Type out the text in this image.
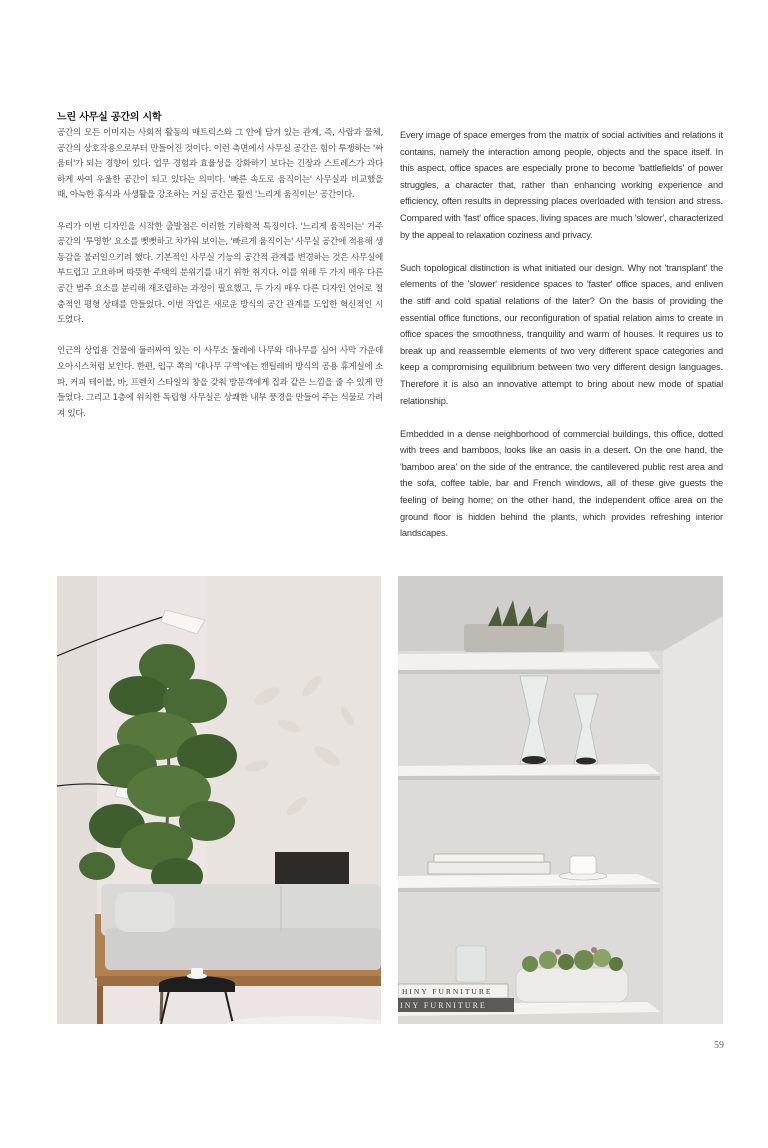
느린 사무실 공간의 시학

공간의 모든 이미지는 사회적 활동의 매트릭스와 그 안에 담겨 있는 관계, 즉, 사람과 물체, 공간의 상호작용으로부터 만들어진 것이다. 이런 측면에서 사무실 공간은 힘이 투쟁하는 '싸움터'가 되는 경향이 있다. 업무 경험과 효율성을 강화하기 보다는 긴장과 스트레스가 과다하게 싸여 우울한 공간이 되고 있다는 의미다. '빠른 속도로 움직이는' 사무실과 비교했을 때, 아늑한 휴식과 사생활을 강조하는 거실 공간은 훨씬 '느리게 움직이는' 공간이다.

우리가 이번 디자인을 시작한 출발점은 이러한 기하학적 특징이다. '느리게 움직이는' 거주 공간의 '투명한' 요소를 뻣뻣하고 차가워 보이는, '빠르게 움직이는' 사무실 공간에 적용해 생동감을 불러일으키려 했다. 기본적인 사무실 기능의 공간적 관계를 변경하는 것은 사무실에 부드럽고 고요하며 따뜻한 주택의 분위기를 내기 위한 취지다. 이를 위해 두 가지 매우 다른 공간 범주 요소를 분리해 재조립하는 과정이 필요했고, 두 가지 매우 다른 디자인 언어로 절충적인 평형 상태를 만들었다. 이번 작업은 새로운 방식의 공간 관계를 도입한 혁신적인 시도였다.

인근의 상업용 건물에 둘러싸여 있는 이 사무소 둘레에 나무와 대나무를 심어 사막 가운데 오아시스처럼 보인다. 한편, 입구 쪽의 '대나무 구역'에는 캔틸레버 방식의 공용 휴게실에 소파, 커피 테이블, 바, 프렌치 스타일의 창을 갖춰 방문객에게 집과 같은 느낌을 줄 수 있게 만들었다. 그리고 1층에 위치한 독립형 사무실은 상쾌한 내부 풍경을 만들어 주는 식물로 가려져 있다.

Every image of space emerges from the matrix of social activities and relations it contains, namely the interaction among people, objects and the space itself. In this aspect, office spaces are especially prone to become 'battlefields' of power struggles, a character that, rather than enhancing working experience and efficiency, often results in depressing places overloaded with tension and stress. Compared with 'fast' office spaces, living spaces are much 'slower', characterized by the appeal to relaxation coziness and privacy.

Such topological distinction is what initiated our design. Why not 'transplant' the elements of the 'slower' residence spaces to 'faster' office spaces, and enliven the stiff and cold spatial relations of the later? On the basis of providing the essential office functions, our reconfiguration of spatial relation aims to create in office spaces the smoothness, tranquility and warm of houses. It requires us to break up and reassemble elements of two very different space categories and keep a compromising equilibrium between two very different design languages. Therefore it is also an innovative attempt to bring about new mode of spatial relationship.

Embedded in a dense neighborhood of commercial buildings, this office, dotted with trees and bamboos, looks like an oasis in a desert. On the one hand, the 'bamboo area' on the side of the entrance, the cantilevered public rest area and the sofa, coffee table, bar and French windows, all of these give guests the feeling of being home; on the other hand, the independent office area on the ground floor is hidden behind the plants, which provides refreshing interior landscapes.

HINY FURNITURE
INY FURNITURE
59
